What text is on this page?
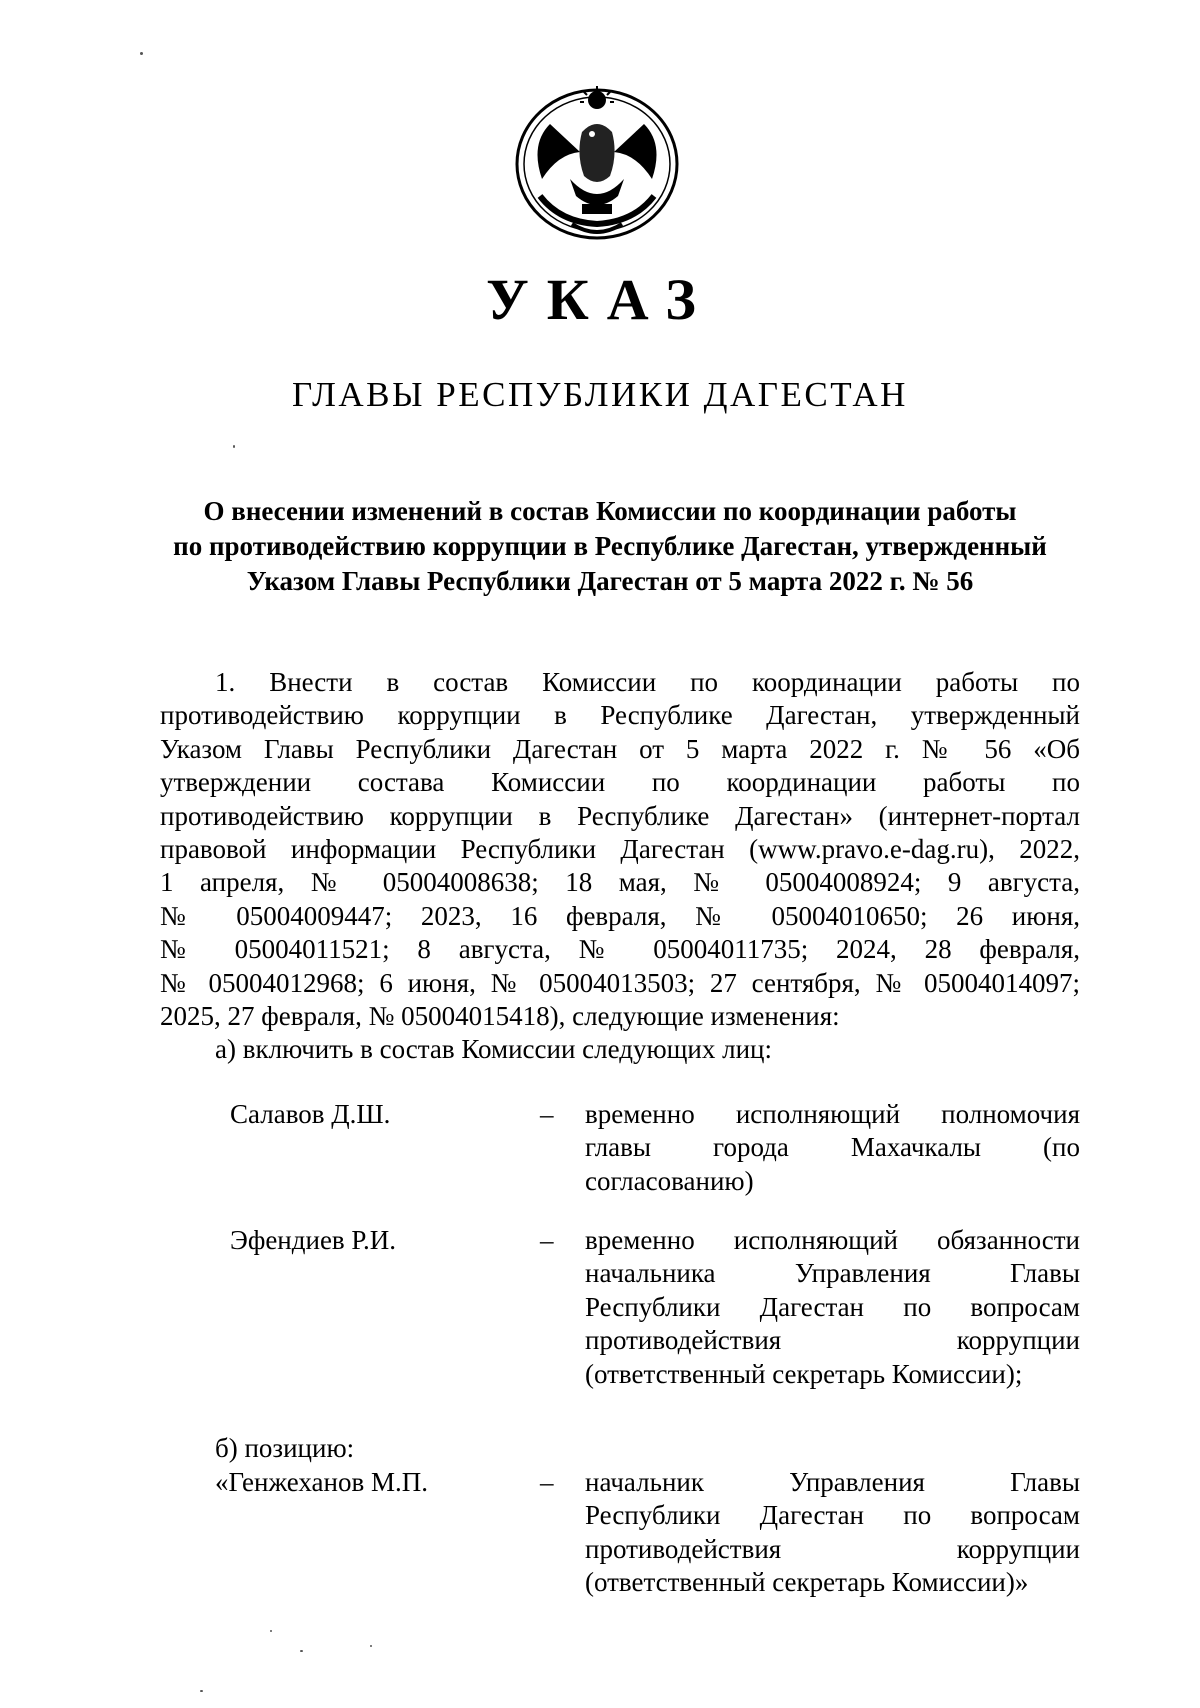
УКАЗ
ГЛАВЫ РЕСПУБЛИКИ ДАГЕСТАН
О внесении изменений в состав Комиссии по координации работы
по противодействию коррупции в Республике Дагестан, утвержденный
Указом Главы Республики Дагестан от 5 марта 2022 г. № 56
1. Внести в состав Комиссии по координации работы по
противодействию коррупции в Республике Дагестан, утвержденный
Указом Главы Республики Дагестан от 5 марта 2022 г. № 56 «Об
утверждении состава Комиссии по координации работы по
противодействию коррупции в Республике Дагестан» (интернет-портал
правовой информации Республики Дагестан (www.pravo.e-dag.ru), 2022,
1 апреля, № 05004008638; 18 мая, № 05004008924; 9 августа,
№ 05004009447; 2023, 16 февраля, № 05004010650; 26 июня,
№ 05004011521; 8 августа, № 05004011735; 2024, 28 февраля,
№ 05004012968; 6 июня, № 05004013503; 27 сентября, № 05004014097;
2025, 27 февраля, № 05004015418), следующие изменения:
а) включить в состав Комиссии следующих лиц:
Салавов Д.Ш.	– временно исполняющий полномочия
главы города Махачкалы (по
согласованию)
Эфендиев Р.И.	– временно исполняющий обязанности
начальника Управления Главы
Республики Дагестан по вопросам
противодействия коррупции
(ответственный секретарь Комиссии);
б) позицию:
«Генжеханов М.П.	– начальник Управления Главы
Республики Дагестан по вопросам
противодействия коррупции
(ответственный секретарь Комиссии)»
